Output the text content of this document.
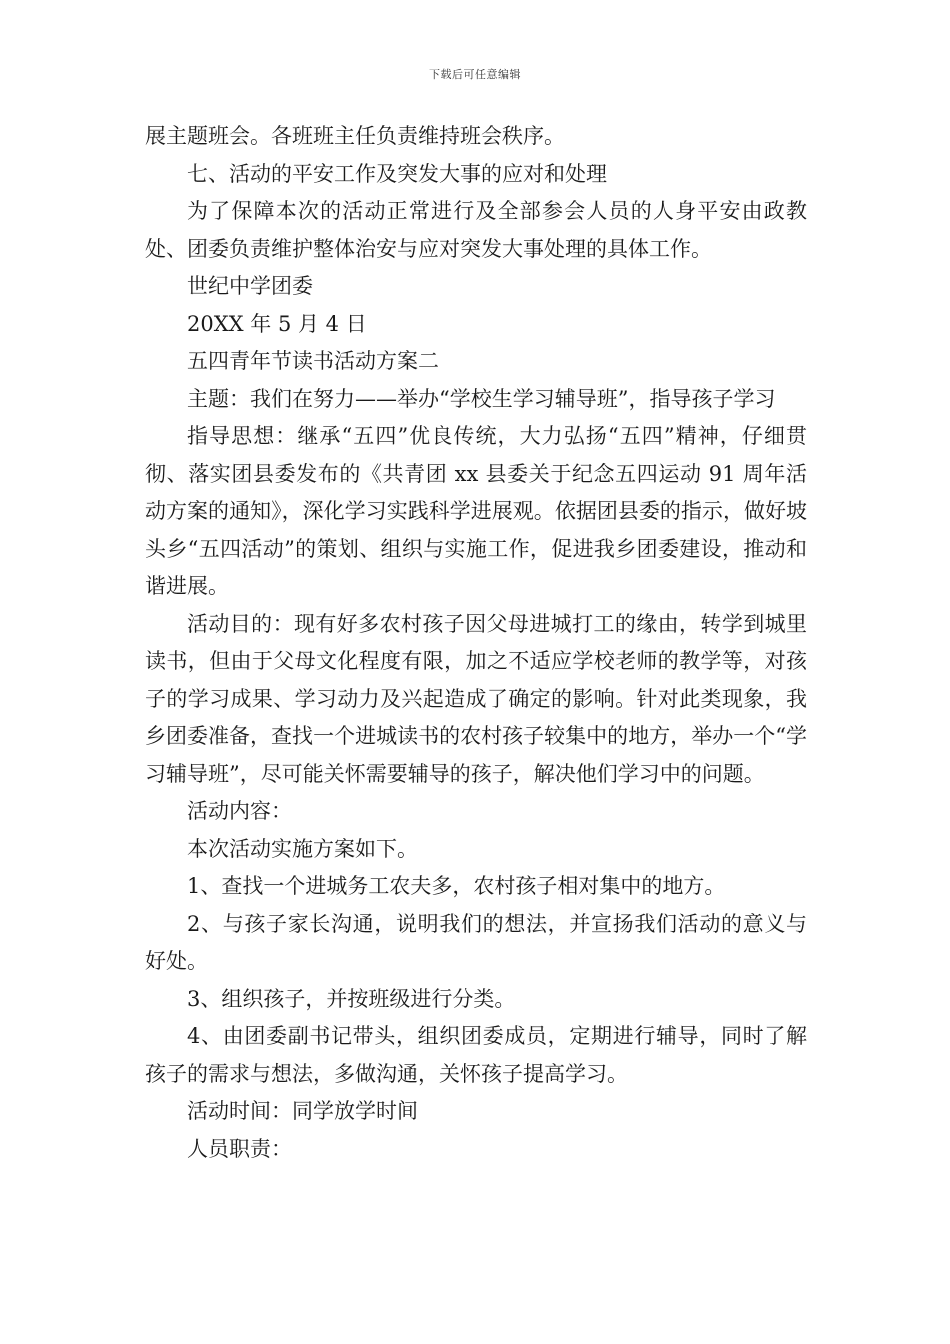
下载后可任意编辑

展主题班会。各班班主任负责维持班会秩序。

七、活动的平安工作及突发大事的应对和处理

为了保障本次的活动正常进行及全部参会人员的人身平安由政教处、团委负责维护整体治安与应对突发大事处理的具体工作。

世纪中学团委

20XX 年 5 月 4 日

五四青年节读书活动方案二

主题：我们在努力——举办“学校生学习辅导班”，指导孩子学习

指导思想：继承“五四”优良传统，大力弘扬“五四”精神，仔细贯彻、落实团县委发布的《共青团 xx 县委关于纪念五四运动 91 周年活动方案的通知》，深化学习实践科学进展观。依据团县委的指示，做好坡头乡“五四活动”的策划、组织与实施工作，促进我乡团委建设，推动和谐进展。

活动目的：现有好多农村孩子因父母进城打工的缘由，转学到城里读书，但由于父母文化程度有限，加之不适应学校老师的教学等，对孩子的学习成果、学习动力及兴起造成了确定的影响。针对此类现象，我乡团委准备，查找一个进城读书的农村孩子较集中的地方，举办一个“学习辅导班”，尽可能关怀需要辅导的孩子，解决他们学习中的问题。

活动内容：

本次活动实施方案如下。

1、查找一个进城务工农夫多，农村孩子相对集中的地方。

2、与孩子家长沟通，说明我们的想法，并宣扬我们活动的意义与好处。

3、组织孩子，并按班级进行分类。

4、由团委副书记带头，组织团委成员，定期进行辅导，同时了解孩子的需求与想法，多做沟通，关怀孩子提高学习。

活动时间：同学放学时间

人员职责：
